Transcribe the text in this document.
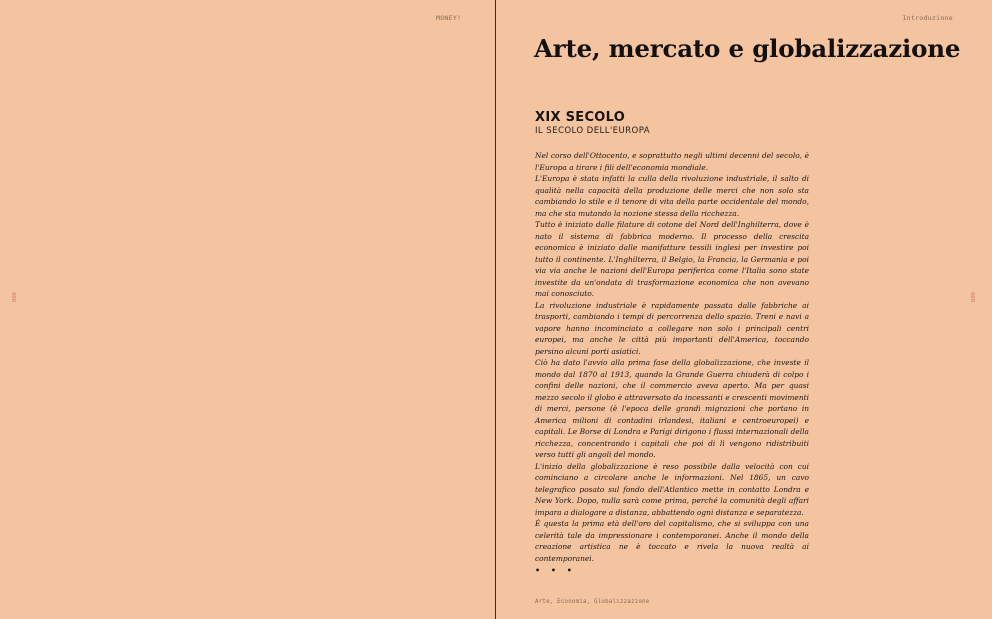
MONEY!
000
Introduzione
000
Arte, mercato e globalizzazione
XIX SECOLO
IL SECOLO DELL'EUROPA

Nel corso dell'Ottocento, e soprattutto negli ultimi decenni del secolo, è l'Europa a tirare i fili dell'economia mondiale.

L'Europa è stata infatti la culla della rivoluzione industriale, il salto di qualità nella capacità della produzione delle merci che non solo sta cambiando lo stile e il tenore di vita della parte occidentale del mondo, ma che sta mutando la nozione stessa della ricchezza.

Tutto è iniziato dalle filature di cotone del Nord dell'Inghilterra, dove è nato il sistema di fabbrica moderno. Il processo della crescita economica è iniziato dalle manifatture tessili inglesi per investire poi tutto il continente. L'Inghilterra, il Belgio, la Francia, la Germania e poi via via anche le nazioni dell'Europa periferica come l'Italia sono state investite da un'ondata di trasformazione economica che non avevano mai conosciuto.

La rivoluzione industriale è rapidamente passata dalle fabbriche ai trasporti, cambiando i tempi di percorrenza dello spazio. Treni e navi a vapore hanno incominciato a collegare non solo i principali centri europei, ma anche le città più importanti dell'America, toccando persino alcuni porti asiatici.

Ciò ha dato l'avvio alla prima fase della globalizzazione, che investe il mondo dal 1870 al 1913, quando la Grande Guerra chiuderà di colpo i confini delle nazioni, che il commercio aveva aperto. Ma per quasi mezzo secolo il globo è attraversato da incessanti e crescenti movimenti di merci, persone (è l'epoca delle grandi migrazioni che portano in America milioni di contadini irlandesi, italiani e centroeuropei) e capitali. Le Borse di Londra e Parigi dirigono i flussi internazionali della ricchezza, concentrando i capitali che poi di lì vengono ridistribuiti verso tutti gli angoli del mondo.

L'inizio della globalizzazione è reso possibile dalla velocità con cui cominciano a circolare anche le informazioni. Nel 1865, un cavo telegrafico posato sul fondo dell'Atlantico mette in contatto Londra e New York. Dopo, nulla sarà come prima, perché la comunità degli affari impara a dialogare a distanza, abbattendo ogni distanza e separatezza.

È questa la prima età dell'oro del capitalismo, che si sviluppa con una celerità tale da impressionare i contemporanei. Anche il mondo della creazione artistica ne è toccato e rivela la nuova realtà ai contemporanei.

• • •
Arte, Economia, Globalizzazione
